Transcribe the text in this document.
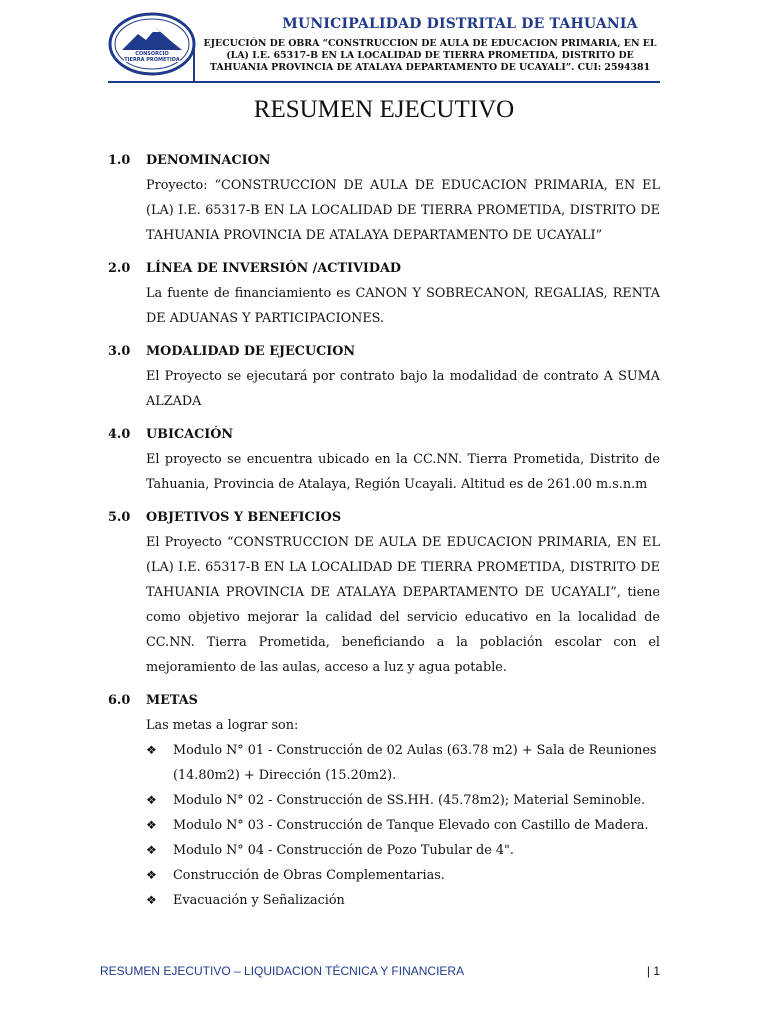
CONSORCIO
TIERRA PROMETIDA
MUNICIPALIDAD DISTRITAL DE TAHUANIA
EJECUCIÓN DE OBRA “CONSTRUCCION DE AULA DE EDUCACION PRIMARIA, EN EL (LA) I.E. 65317-B EN LA LOCALIDAD DE TIERRA PROMETIDA, DISTRITO DE TAHUANIA PROVINCIA DE ATALAYA DEPARTAMENTO DE UCAYALI”. CUI: 2594381
RESUMEN EJECUTIVO
1.0	DENOMINACION
Proyecto: “CONSTRUCCION DE AULA DE EDUCACION PRIMARIA, EN EL (LA) I.E. 65317-B EN LA LOCALIDAD DE TIERRA PROMETIDA, DISTRITO DE TAHUANIA PROVINCIA DE ATALAYA DEPARTAMENTO DE UCAYALI”
2.0	LÍNEA DE INVERSIÓN /ACTIVIDAD
La fuente de financiamiento es CANON Y SOBRECANON, REGALIAS, RENTA DE ADUANAS Y PARTICIPACIONES.
3.0	MODALIDAD DE EJECUCION
El Proyecto se ejecutará por contrato bajo la modalidad de contrato A SUMA ALZADA
4.0	UBICACIÓN
El proyecto se encuentra ubicado en la CC.NN. Tierra Prometida, Distrito de Tahuania, Provincia de Atalaya, Región Ucayali. Altitud es de 261.00 m.s.n.m
5.0	OBJETIVOS Y BENEFICIOS
El Proyecto “CONSTRUCCION DE AULA DE EDUCACION PRIMARIA, EN EL (LA) I.E. 65317-B EN LA LOCALIDAD DE TIERRA PROMETIDA, DISTRITO DE TAHUANIA PROVINCIA DE ATALAYA DEPARTAMENTO DE UCAYALI”, tiene como objetivo mejorar la calidad del servicio educativo en la localidad de CC.NN. Tierra Prometida, beneficiando a la población escolar con el mejoramiento de las aulas, acceso a luz y agua potable.
6.0	METAS
Las metas a lograr son:
❖ Modulo N° 01 - Construcción de 02 Aulas (63.78 m2) + Sala de Reuniones (14.80m2) + Dirección (15.20m2).
❖ Modulo N° 02 - Construcción de SS.HH. (45.78m2); Material Seminoble.
❖ Modulo N° 03 - Construcción de Tanque Elevado con Castillo de Madera.
❖ Modulo N° 04 - Construcción de Pozo Tubular de 4".
❖ Construcción de Obras Complementarias.
❖ Evacuación y Señalización
RESUMEN EJECUTIVO – LIQUIDACION TÉCNICA Y FINANCIERA	| 1
